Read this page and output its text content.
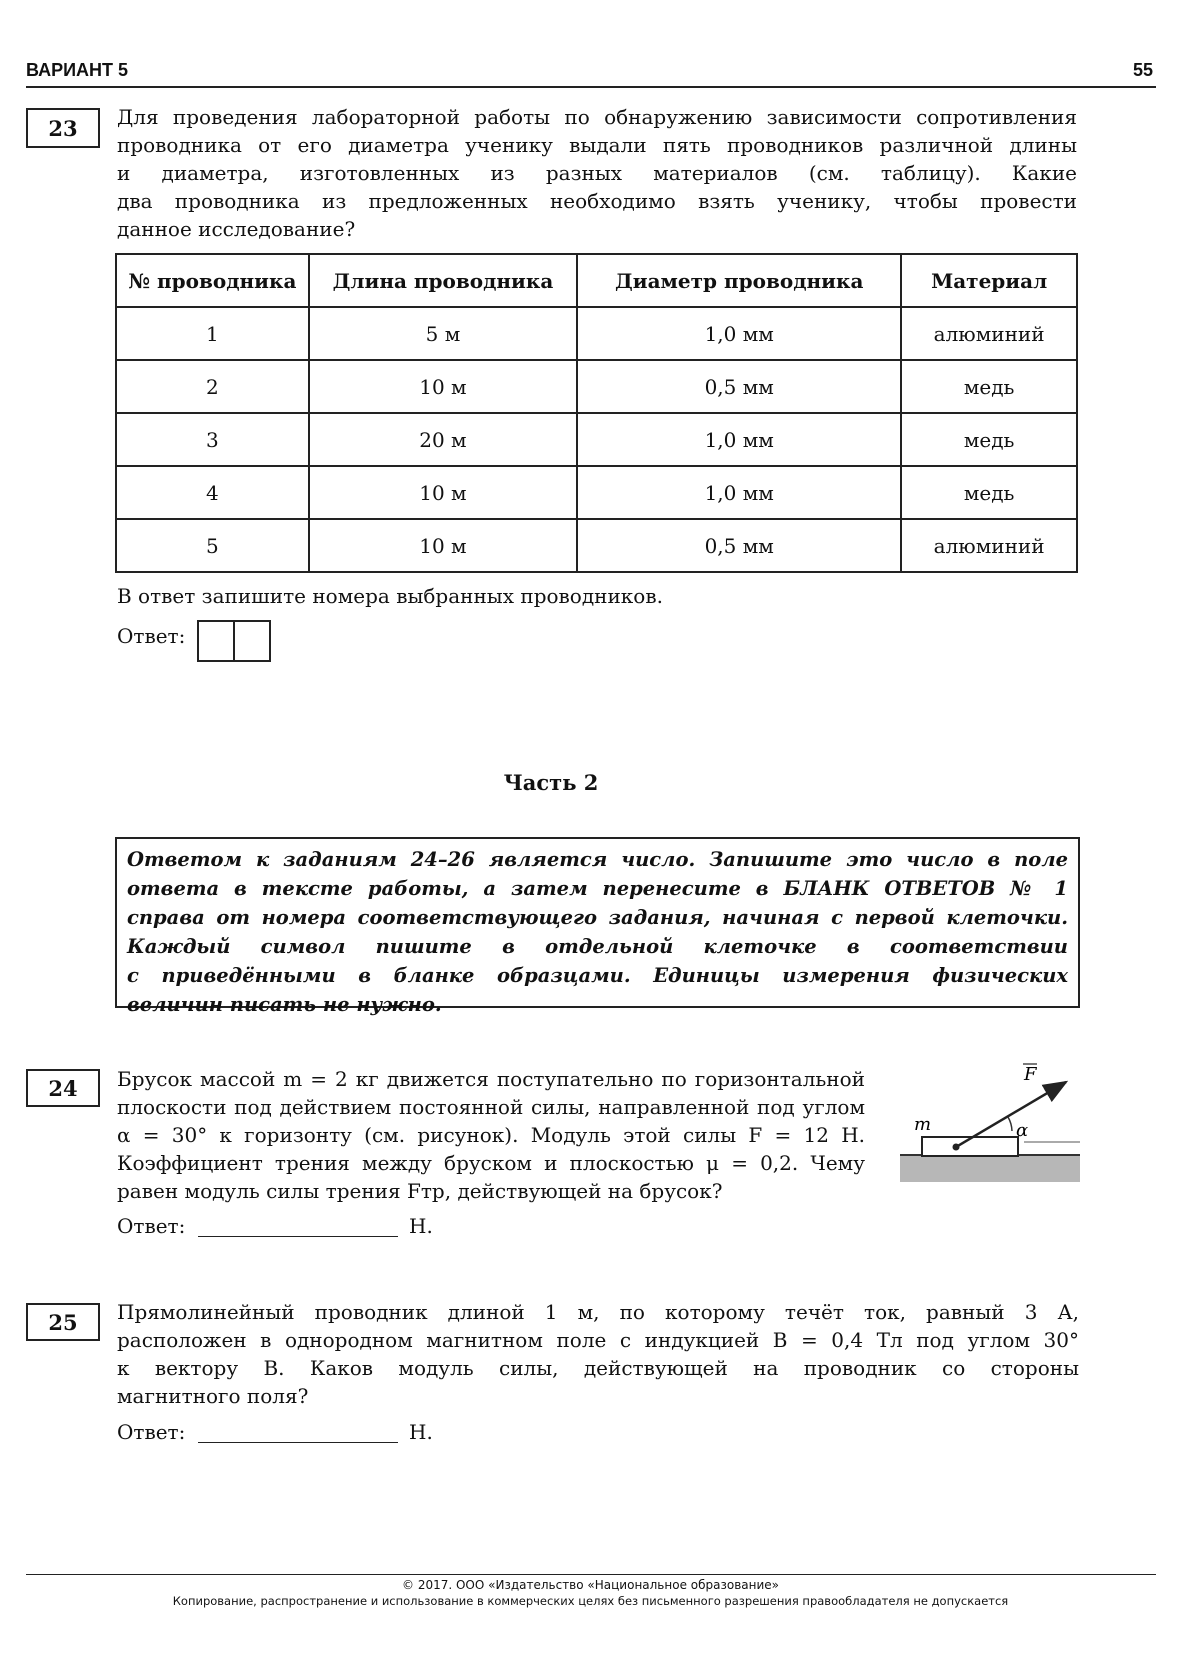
ВАРИАНТ 5	55
23	Для проведения лабораторной работы по обнаружению зависимости сопротивления
проводника от его диаметра ученику выдали пять проводников различной длины
и диаметра, изготовленных из разных материалов (см. таблицу). Какие
два проводника из предложенных необходимо взять ученику, чтобы провести
данное исследование?
№ проводника	Длина проводника	Диаметр проводника	Материал
1	5 м	1,0 мм	алюминий
2	10 м	0,5 мм	медь
3	20 м	1,0 мм	медь
4	10 м	1,0 мм	медь
5	10 м	0,5 мм	алюминий
В ответ запишите номера выбранных проводников.
Ответ:
Часть 2
Ответом к заданиям 24–26 является число. Запишите это число в поле
ответа в тексте работы, а затем перенесите в БЛАНК ОТВЕТОВ № 1
справа от номера соответствующего задания, начиная с первой клеточки.
Каждый символ пишите в отдельной клеточке в соответствии
с приведёнными в бланке образцами. Единицы измерения физических
величин писать не нужно.
24	Брусок массой m = 2 кг движется поступательно по горизонтальной
плоскости под действием постоянной силы, направленной под углом
α = 30° к горизонту (см. рисунок). Модуль этой силы F = 12 Н.
Коэффициент трения между бруском и плоскостью μ = 0,2. Чему
равен модуль силы трения Fтр, действующей на брусок?
m
F
α
Ответ:	Н.
25	Прямолинейный проводник длиной 1 м, по которому течёт ток, равный 3 А,
расположен в однородном магнитном поле с индукцией B = 0,4 Тл под углом 30°
к вектору B. Каков модуль силы, действующей на проводник со стороны
магнитного поля?
Ответ:	Н.
© 2017. ООО «Издательство «Национальное образование»
Копирование, распространение и использование в коммерческих целях без письменного разрешения правообладателя не допускается
